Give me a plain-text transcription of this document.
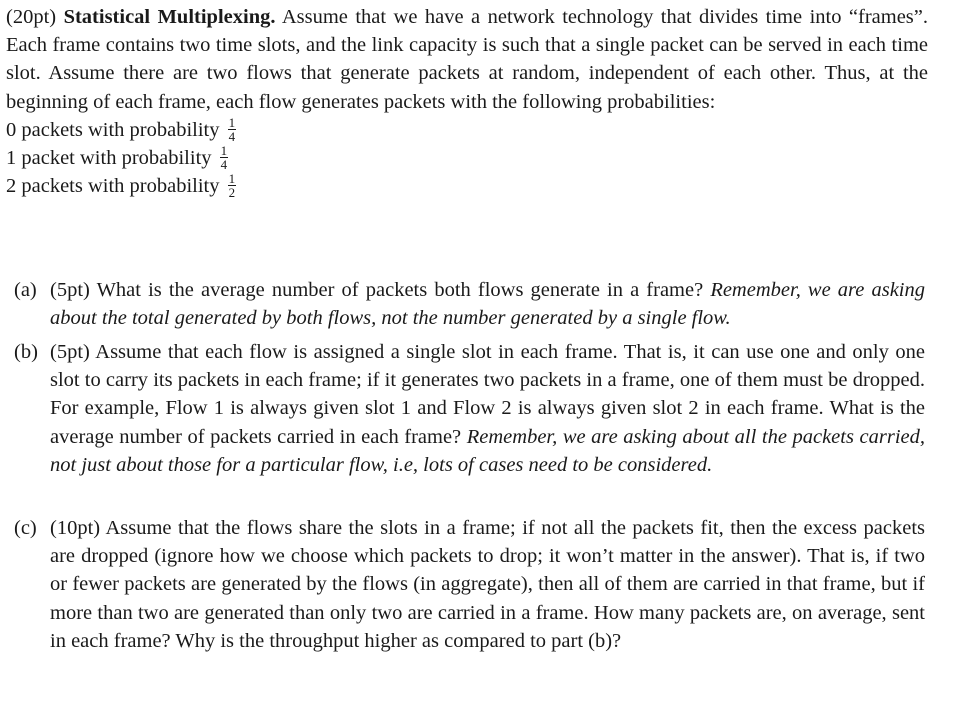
(20pt) Statistical Multiplexing. Assume that we have a network technology that divides time into “frames”. Each frame contains two time slots, and the link capacity is such that a single packet can be served in each time slot. Assume there are two flows that generate packets at random, independent of each other. Thus, at the beginning of each frame, each flow generates packets with the following probabilities:

0 packets with probability $\frac{1}{4}$
1 packet with probability $\frac{1}{4}$
2 packets with probability $\frac{1}{2}$
(a) (5pt) What is the average number of packets both flows generate in a frame? Remember, we are asking about the total generated by both flows, not the number generated by a single flow.
(b) (5pt) Assume that each flow is assigned a single slot in each frame. That is, it can use one and only one slot to carry its packets in each frame; if it generates two packets in a frame, one of them must be dropped. For example, Flow 1 is always given slot 1 and Flow 2 is always given slot 2 in each frame. What is the average number of packets carried in each frame? Remember, we are asking about all the packets carried, not just about those for a particular flow, i.e, lots of cases need to be considered.
(c) (10pt) Assume that the flows share the slots in a frame; if not all the packets fit, then the excess packets are dropped (ignore how we choose which packets to drop; it won’t matter in the answer). That is, if two or fewer packets are generated by the flows (in aggregate), then all of them are carried in that frame, but if more than two are generated than only two are carried in a frame. How many packets are, on average, sent in each frame? Why is the throughput higher as compared to part (b)?
